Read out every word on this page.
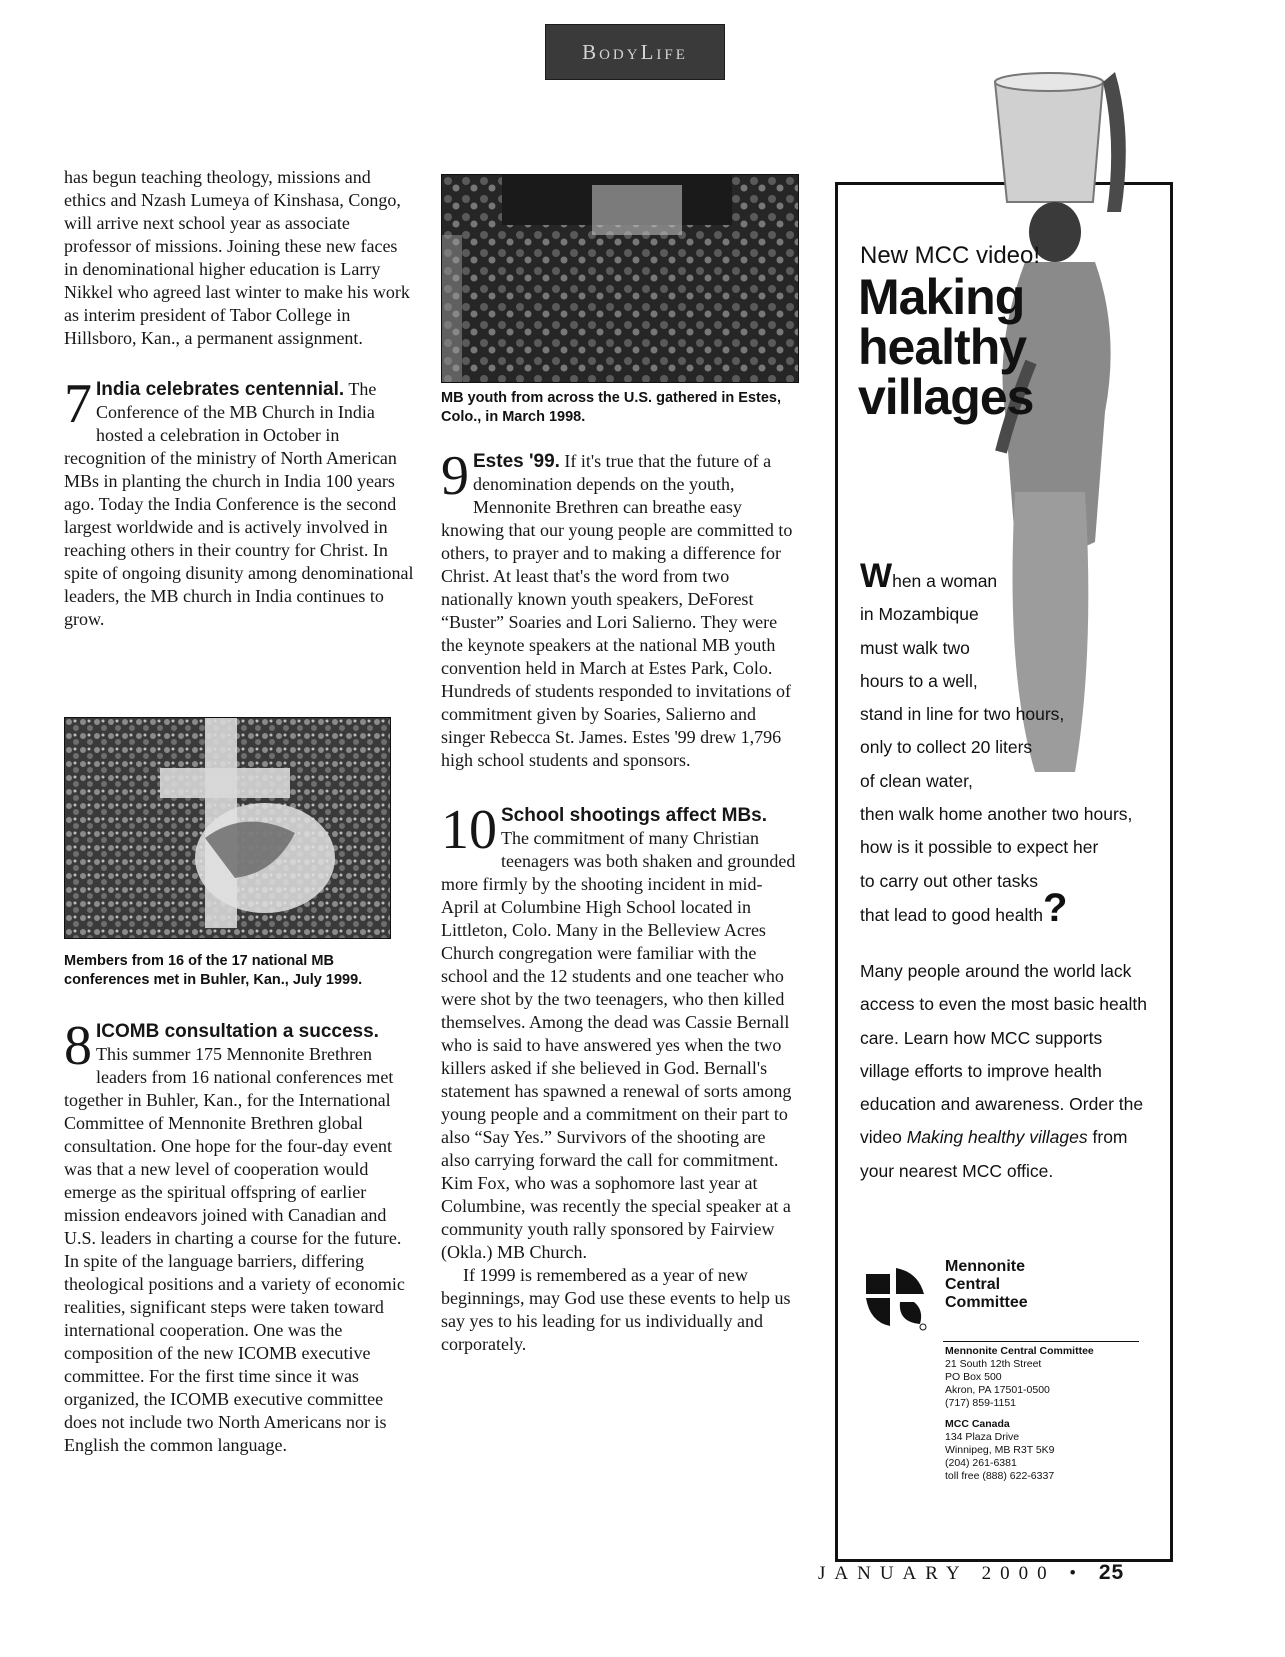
BodyLife

has begun teaching theology, missions and ethics and Nzash Lumeya of Kinshasa, Congo, will arrive next school year as associate professor of missions. Joining these new faces in denominational higher education is Larry Nikkel who agreed last winter to make his work as interim president of Tabor College in Hillsboro, Kan., a permanent assignment.

7 India celebrates centennial. The Conference of the MB Church in India hosted a celebration in October in recognition of the ministry of North American MBs in planting the church in India 100 years ago. Today the India Conference is the second largest worldwide and is actively involved in reaching others in their country for Christ. In spite of ongoing disunity among denominational leaders, the MB church in India continues to grow.

Members from 16 of the 17 national MB conferences met in Buhler, Kan., July 1999.
8 ICOMB consultation a success. This summer 175 Mennonite Brethren leaders from 16 national conferences met together in Buhler, Kan., for the International Committee of Mennonite Brethren global consultation. One hope for the four-day event was that a new level of cooperation would emerge as the spiritual offspring of earlier mission endeavors joined with Canadian and U.S. leaders in charting a course for the future. In spite of the language barriers, differing theological positions and a variety of economic realities, significant steps were taken toward international cooperation. One was the composition of the new ICOMB executive committee. For the first time since it was organized, the ICOMB executive committee does not include two North Americans nor is English the common language.

MB youth from across the U.S. gathered in Estes, Colo., in March 1998.
9 Estes '99. If it's true that the future of a denomination depends on the youth, Mennonite Brethren can breathe easy knowing that our young people are committed to others, to prayer and to making a difference for Christ. At least that's the word from two nationally known youth speakers, DeForest “Buster” Soaries and Lori Salierno. They were the keynote speakers at the national MB youth convention held in March at Estes Park, Colo. Hundreds of students responded to invitations of commitment given by Soaries, Salierno and singer Rebecca St. James. Estes '99 drew 1,796 high school students and sponsors.

10 School shootings affect MBs. The commitment of many Christian teenagers was both shaken and grounded more firmly by the shooting incident in mid-April at Columbine High School located in Littleton, Colo. Many in the Belleview Acres Church congregation were familiar with the school and the 12 students and one teacher who were shot by the two teenagers, who then killed themselves. Among the dead was Cassie Bernall who is said to have answered yes when the two killers asked if she believed in God. Bernall's statement has spawned a renewal of sorts among young people and a commitment on their part to also “Say Yes.” Survivors of the shooting are also carrying forward the call for commitment. Kim Fox, who was a sophomore last year at Columbine, was recently the special speaker at a community youth rally sponsored by Fairview (Okla.) MB Church.

If 1999 is remembered as a year of new beginnings, may God use these events to help us say yes to his leading for us individually and corporately.

New MCC video!
Making
healthy
villages
When a woman
in Mozambique
must walk two
hours to a well,
stand in line for two hours,
only to collect 20 liters
of clean water,
then walk home another two hours,
how is it possible to expect her
to carry out other tasks
that lead to good health?
Many people around the world lack access to even the most basic health care. Learn how MCC supports village efforts to improve health education and awareness. Order the video Making healthy villages from your nearest MCC office.
Mennonite
Central
Committee
Mennonite Central Committee
21 South 12th Street
PO Box 500
Akron, PA 17501-0500
(717) 859-1151
MCC Canada
134 Plaza Drive
Winnipeg, MB R3T 5K9
(204) 261-6381
toll free (888) 622-6337
JANUARY 2000 • 25
